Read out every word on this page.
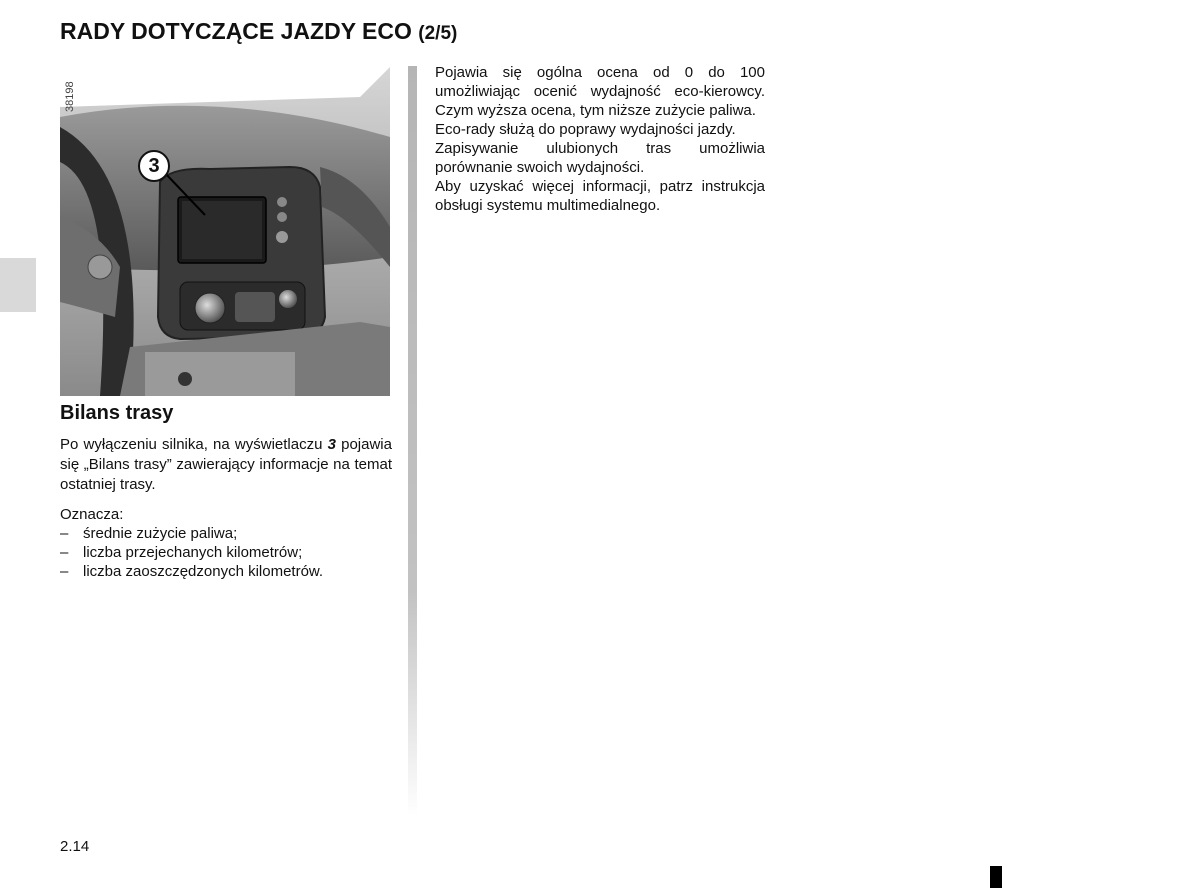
RADY DOTYCZĄCE JAZDY ECO (2/5)
38198
3
Bilans trasy

Po wyłączeniu silnika, na wyświetlaczu 3 pojawia się „Bilans trasy” zawierający informacje na temat ostatniej trasy.

Oznacza:
– średnie zużycie paliwa;
– liczba przejechanych kilometrów;
– liczba zaoszczędzonych kilometrów.

Pojawia się ogólna ocena od 0 do 100 umożliwiając ocenić wydajność eco-kierowcy. Czym wyższa ocena, tym niższe zużycie paliwa.

Eco-rady służą do poprawy wydajności jazdy.

Zapisywanie ulubionych tras umożliwia porównanie swoich wydajności.

Aby uzyskać więcej informacji, patrz instrukcja obsługi systemu multimedialnego.

2.14
